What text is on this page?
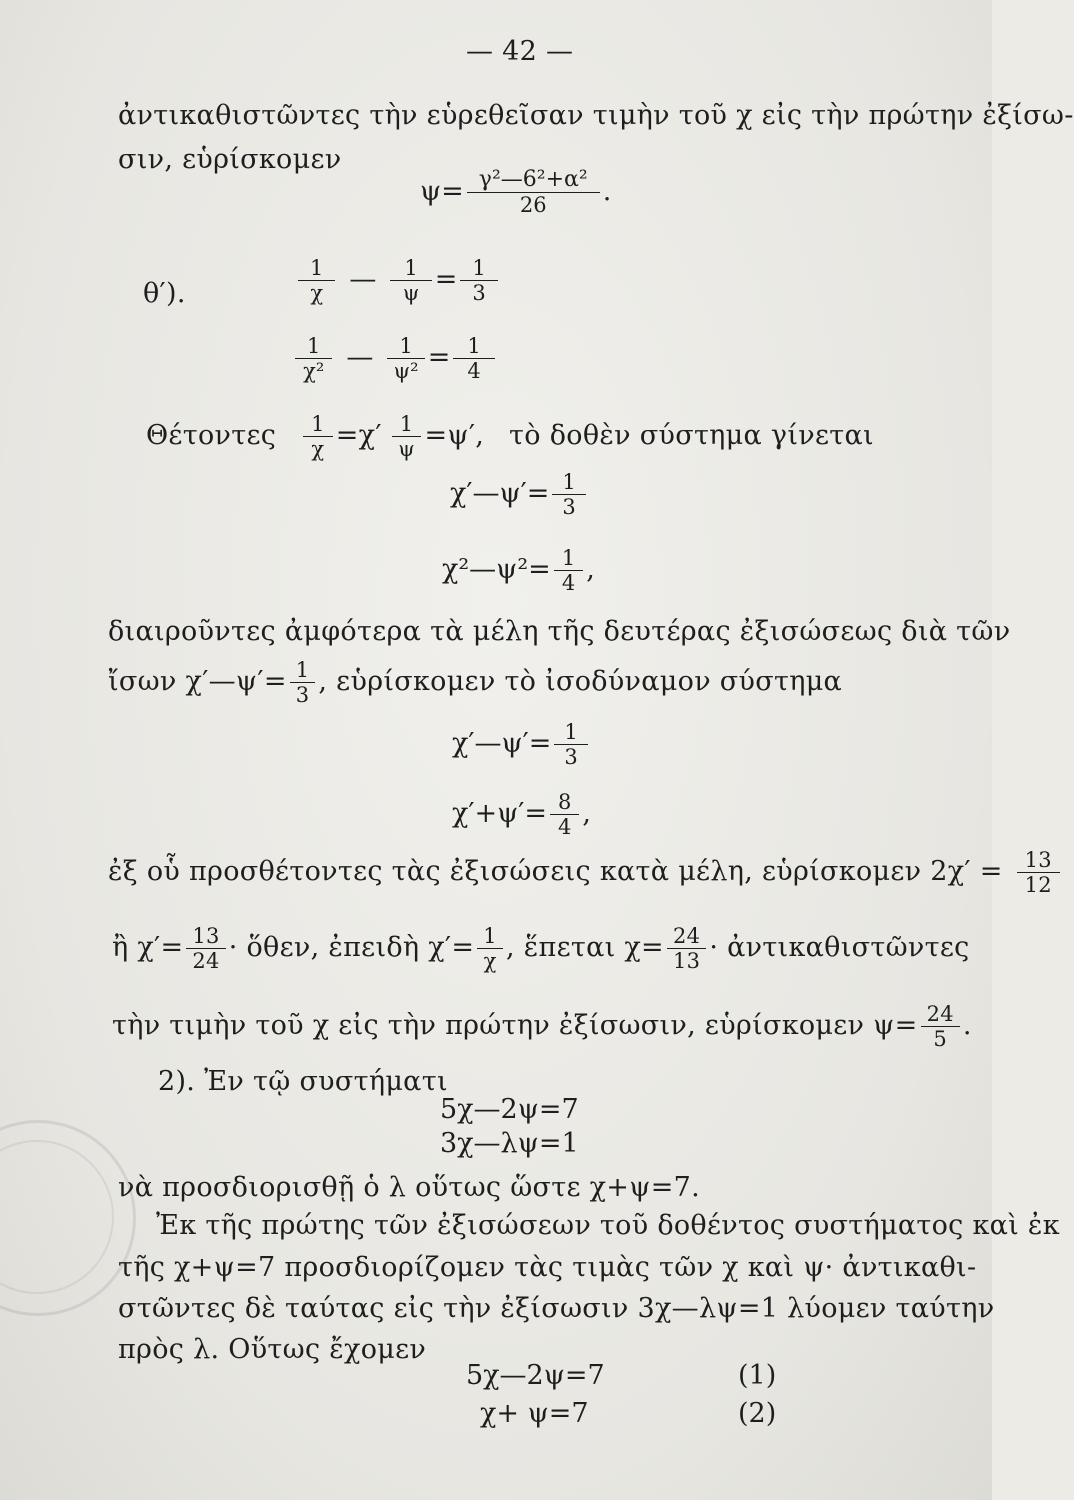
— 42 —
ἀντικαθιστῶντες τὴν εὑρεθεῖσαν τιμὴν τοῦ χ εἰς τὴν πρώτην ἐξίσω-
σιν, εὑρίσκομεν
$\psi= \frac{\text{γ²—6²+α²}}{26}$ .
θ′).	$\frac{1}{\chi}$ — $\frac{1}{\psi} = \frac{1}{3}$
$\frac{1}{\text{χ²}}$ — $\frac{1}{\text{ψ²}} = \frac{1}{4}$
Θέτοντες $\frac{1}{\chi} =\chi' \frac{1}{\psi} =\psi'$, τὸ δοθὲν σύστημα γίνεται
χ′—ψ′= $\frac{1}{3}$
χ²—ψ²= $\frac{1}{4}$ ,
διαιροῦντες ἀμφότερα τὰ μέλη τῆς δευτέρας ἐξισώσεως διὰ τῶν
ἴσων χ′—ψ′= $\frac{1}{3}$ , εὑρίσκομεν τὸ ἰσοδύναμον σύστημα
χ′—ψ′= $\frac{1}{3}$
$\chi'+\psi'= \frac{8}{4}$ ,
ἐξ οὗ προσθέτοντες τὰς ἐξισώσεις κατὰ μέλη, εὑρίσκομεν $2\chi' = \frac{13}{12}$
ἢ $\chi'= \frac{13}{24}$ · ὅθεν, ἐπειδὴ $\chi'= \frac{1}{\chi}$ , ἕπεται $\chi= \frac{24}{13}$ · ἀντικαθιστῶντες
τὴν τιμὴν τοῦ χ εἰς τὴν πρώτην ἐξίσωσιν, εὑρίσκομεν $\psi= \frac{24}{5}$ .
2). Ἐν τῷ συστήματι
5χ—2ψ=7
3χ—λψ=1
νὰ προσδιορισθῇ ὁ λ οὕτως ὥστε χ+ψ=7.
Ἐκ τῆς πρώτης τῶν ἐξισώσεων τοῦ δοθέντος συστήματος καὶ ἐκ
τῆς χ+ψ=7 προσδιορίζομεν τὰς τιμὰς τῶν χ καὶ ψ· ἀντικαθι-
στῶντες δὲ ταύτας εἰς τὴν ἐξίσωσιν 3χ—λψ=1 λύομεν ταύτην
πρὸς λ. Οὕτως ἔχομεν
5χ—2ψ=7	(1)
χ+ ψ=7	(2)
